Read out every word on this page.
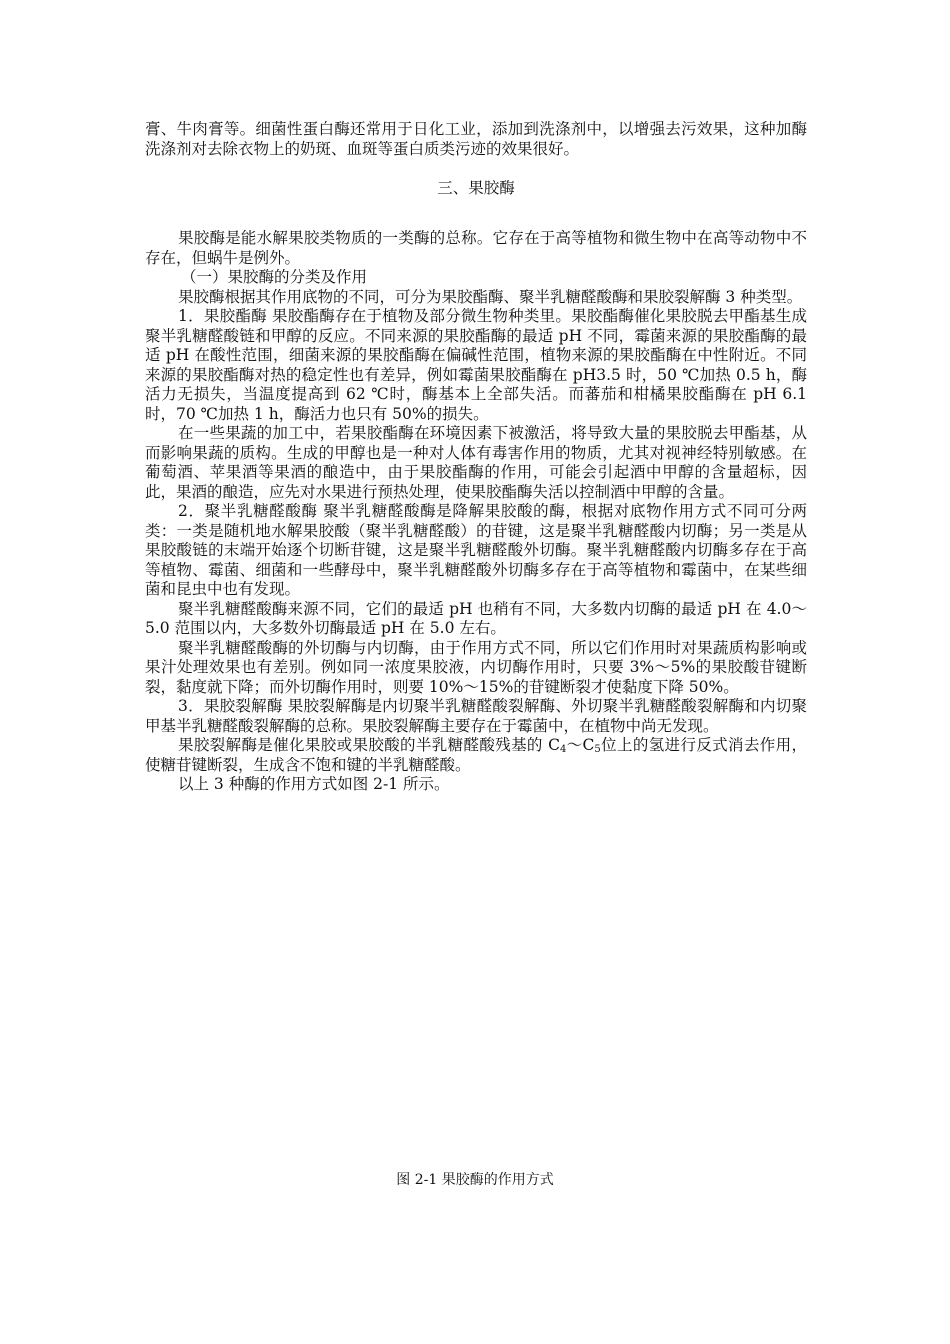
膏、牛肉膏等。细菌性蛋白酶还常用于日化工业，添加到洗涤剂中，以增强去污效果，这种加酶洗涤剂对去除衣物上的奶斑、血斑等蛋白质类污迹的效果很好。

三、果胶酶

果胶酶是能水解果胶类物质的一类酶的总称。它存在于高等植物和微生物中在高等动物中不存在，但蜗牛是例外。

（一）果胶酶的分类及作用

果胶酶根据其作用底物的不同，可分为果胶酯酶、聚半乳糖醛酸酶和果胶裂解酶 3 种类型。

1．果胶酯酶 果胶酯酶存在于植物及部分微生物种类里。果胶酯酶催化果胶脱去甲酯基生成聚半乳糖醛酸链和甲醇的反应。不同来源的果胶酯酶的最适 pH 不同，霉菌来源的果胶酯酶的最适 pH 在酸性范围，细菌来源的果胶酯酶在偏碱性范围，植物来源的果胶酯酶在中性附近。不同来源的果胶酯酶对热的稳定性也有差异，例如霉菌果胶酯酶在 pH3.5 时，50 ℃加热 0.5 h，酶活力无损失，当温度提高到 62 ℃时，酶基本上全部失活。而蕃茄和柑橘果胶酯酶在 pH 6.1 时，70 ℃加热 1 h，酶活力也只有 50%的损失。

在一些果蔬的加工中，若果胶酯酶在环境因素下被激活，将导致大量的果胶脱去甲酯基，从而影响果蔬的质构。生成的甲醇也是一种对人体有毒害作用的物质，尤其对视神经特别敏感。在葡萄酒、苹果酒等果酒的酿造中，由于果胶酯酶的作用，可能会引起酒中甲醇的含量超标，因此，果酒的酿造，应先对水果进行预热处理，使果胶酯酶失活以控制酒中甲醇的含量。

2．聚半乳糖醛酸酶 聚半乳糖醛酸酶是降解果胶酸的酶，根据对底物作用方式不同可分两类：一类是随机地水解果胶酸（聚半乳糖醛酸）的苷键，这是聚半乳糖醛酸内切酶；另一类是从果胶酸链的末端开始逐个切断苷键，这是聚半乳糖醛酸外切酶。聚半乳糖醛酸内切酶多存在于高等植物、霉菌、细菌和一些酵母中，聚半乳糖醛酸外切酶多存在于高等植物和霉菌中，在某些细菌和昆虫中也有发现。

聚半乳糖醛酸酶来源不同，它们的最适 pH 也稍有不同，大多数内切酶的最适 pH 在 4.0～5.0 范围以内，大多数外切酶最适 pH 在 5.0 左右。

聚半乳糖醛酸酶的外切酶与内切酶，由于作用方式不同，所以它们作用时对果蔬质构影响或果汁处理效果也有差别。例如同一浓度果胶液，内切酶作用时，只要 3%～5%的果胶酸苷键断裂，黏度就下降；而外切酶作用时，则要 10%～15%的苷键断裂才使黏度下降 50%。

3．果胶裂解酶 果胶裂解酶是内切聚半乳糖醛酸裂解酶、外切聚半乳糖醛酸裂解酶和内切聚甲基半乳糖醛酸裂解酶的总称。果胶裂解酶主要存在于霉菌中，在植物中尚无发现。

果胶裂解酶是催化果胶或果胶酸的半乳糖醛酸残基的 $C_4\sim C_5$位上的氢进行反式消去作用，使糖苷键断裂，生成含不饱和键的半乳糖醛酸。

以上 3 种酶的作用方式如图 2-1 所示。

图 2-1 果胶酶的作用方式
